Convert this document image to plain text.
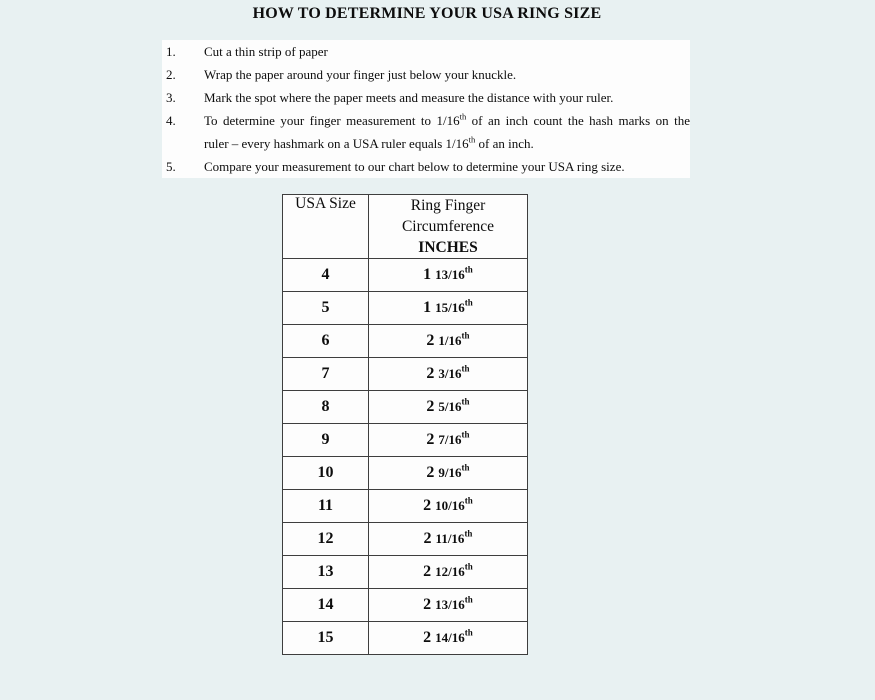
HOW TO DETERMINE YOUR USA RING SIZE
1.	Cut a thin strip of paper
2.	Wrap the paper around your finger just below your knuckle.
3.	Mark the spot where the paper meets and measure the distance with your ruler.
4.	To determine your finger measurement to 1/16th of an inch count the hash marks on the
ruler – every hashmark on a USA ruler equals 1/16th of an inch.
5.	Compare your measurement to our chart below to determine your USA ring size.
USA Size	Ring Finger
Circumference
INCHES

4	1 13/16th
5	1 15/16th
6	2 1/16th
7	2 3/16th
8	2 5/16th
9	2 7/16th
10	2 9/16th
11	2 10/16th
12	2 11/16th
13	2 12/16th
14	2 13/16th
15	2 14/16th
